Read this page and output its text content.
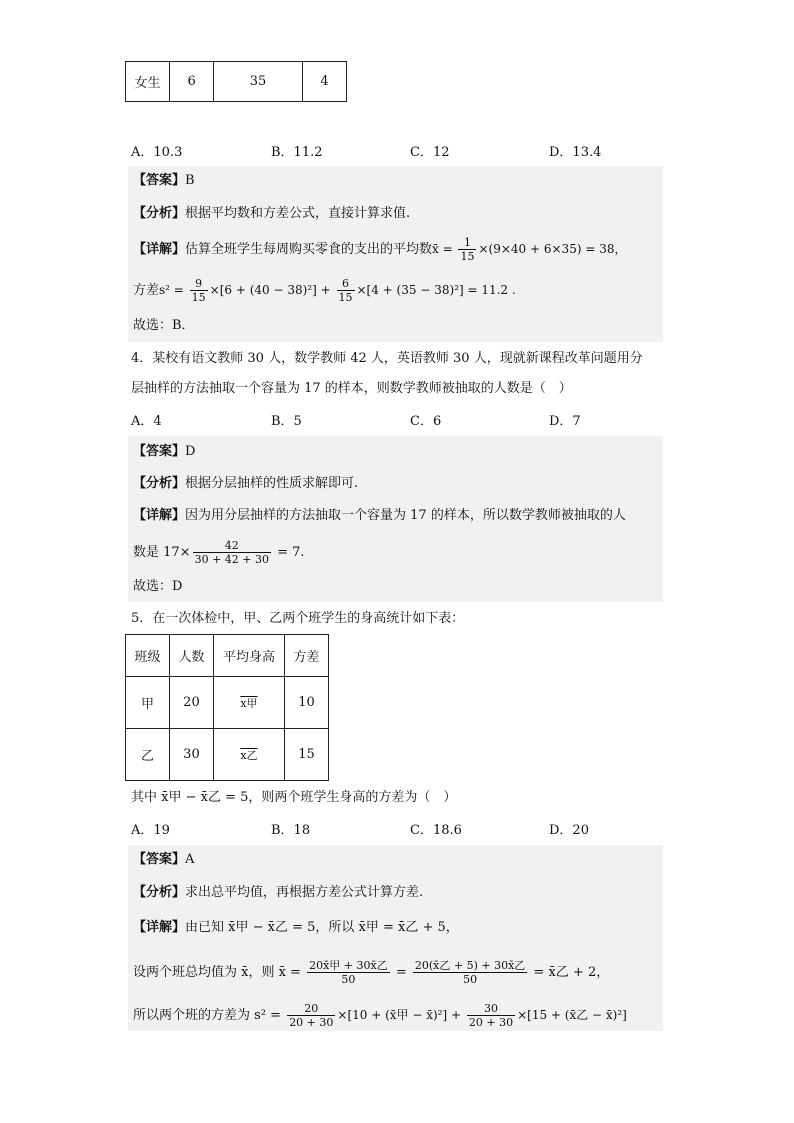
女生	6	35	4
A．10.3	B．11.2	C．12	D．13.4
【答案】B
【分析】根据平均数和方差公式，直接计算求值.
【详解】估算全班学生每周购买零食的支出的平均数x̄ = $\frac{1}{15} \times(9\times 40 + 6\times 35) = 38$，
方差$s^2 = \frac{9}{15} \times[6 + (40 - 38)^2] + \frac{6}{15} \times[4 + (35 - 38)^2] = 11.2$ .
故选：B．
4．某校有语文教师 30 人，数学教师 42 人，英语教师 30 人，现就新课程改革问题用分
层抽样的方法抽取一个容量为 17 的样本，则数学教师被抽取的人数是（　）
A．4	B．5	C．6	D．7
【答案】D
【分析】根据分层抽样的性质求解即可.
【详解】因为用分层抽样的方法抽取一个容量为 17 的样本，所以数学教师被抽取的人
数是 $17\times \frac{42}{30 + 42 + 30} = 7$.
故选：D
5．在一次体检中，甲、乙两个班学生的身高统计如下表：
班级	人数	平均身高	方差
甲	20	x甲	10
乙	30	x乙	15
其中 x̄甲 − x̄乙 = 5，则两个班学生身高的方差为（　）
A．19	B．18	C．18.6	D．20
【答案】A
【分析】求出总平均值，再根据方差公式计算方差.
【详解】由已知 x̄甲 − x̄乙 = 5，所以 x̄甲 = x̄乙 + 5，
设两个班总均值为 x̄，则 x̄ = $\frac{\text{20x̄甲 + 30x̄乙}}{50} = \frac{\text{20(x̄乙 + 5) + 30x̄乙}}{50}$ = x̄乙 + 2，
所以两个班的方差为 $s^2 = \frac{20}{20 + 30} \times[10$ + (x̄甲 − x̄)²] + $\frac{30}{20 + 30} \times[15$ + (x̄乙 − x̄)²]
